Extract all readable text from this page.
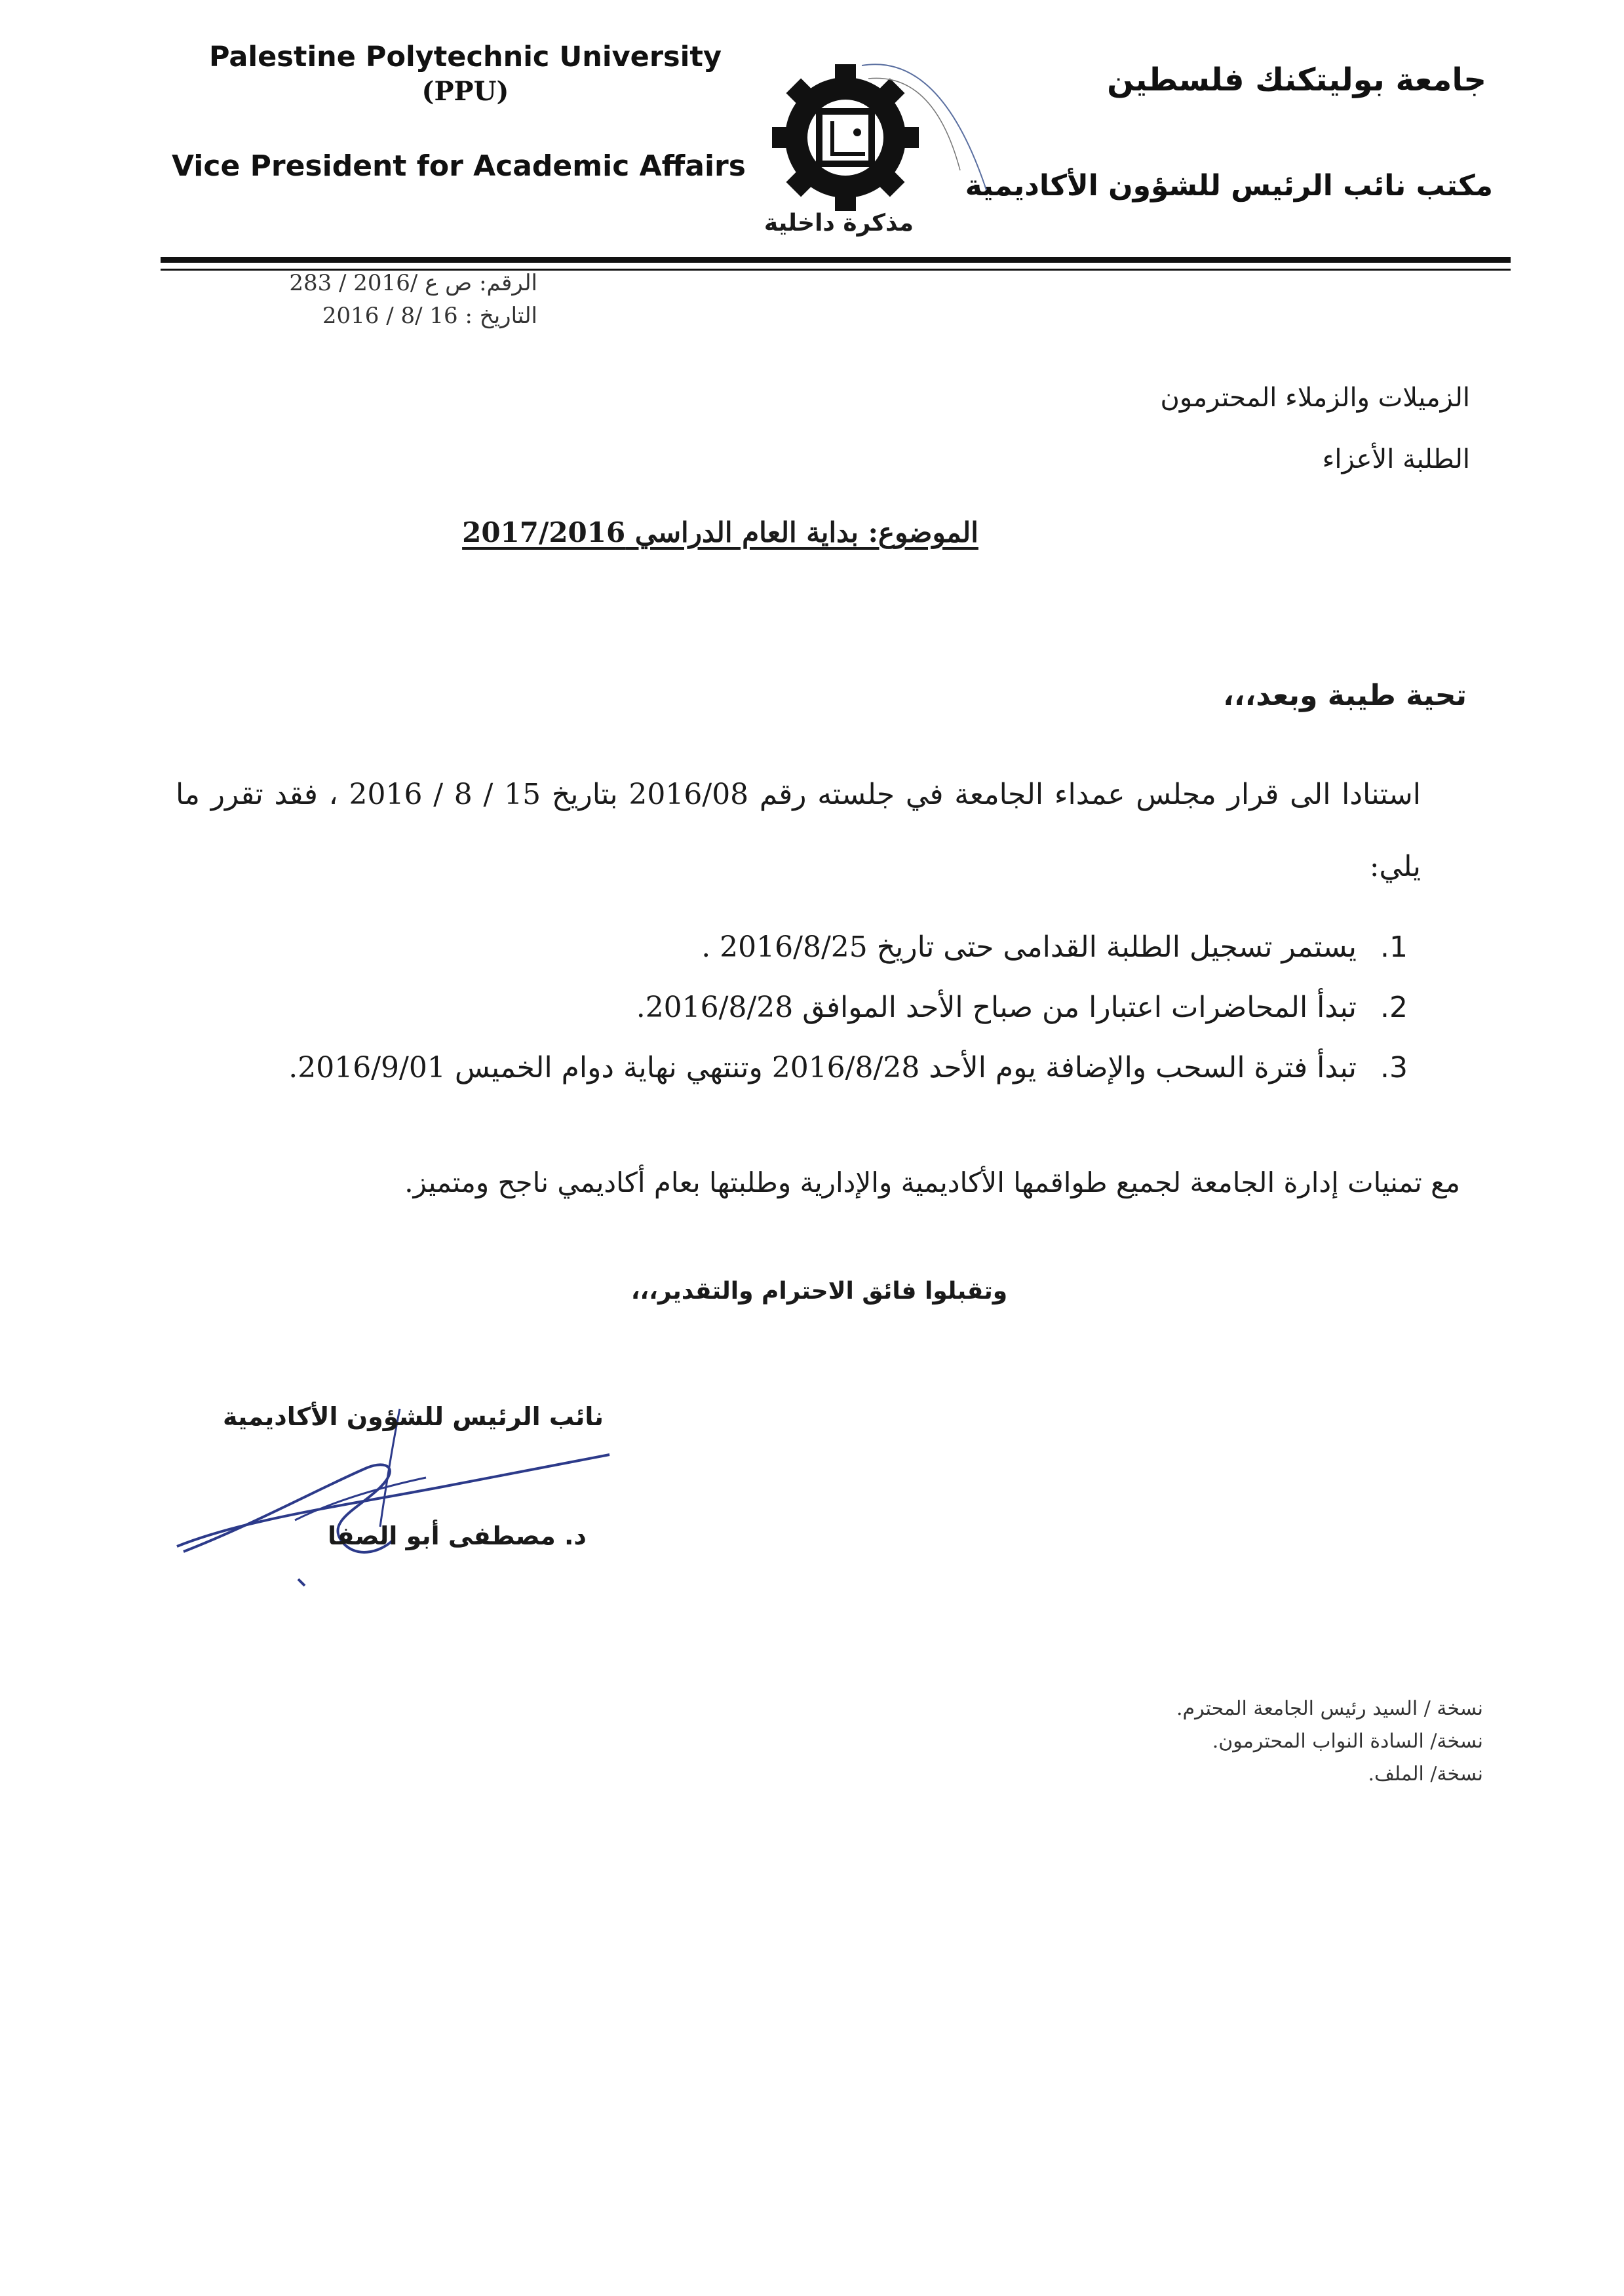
Palestine Polytechnic University
(PPU)
Vice President for Academic Affairs
جامعة بوليتكنك فلسطين
مكتب نائب الرئيس للشؤون الأكاديمية
مذكرة داخلية
الرقم: ص ع /2016 / 283
التاريخ : 16 /8 / 2016
الزميلات والزملاء المحترمون
الطلبة الأعزاء
الموضوع: بداية العام الدراسي 2017/2016
تحية طيبة وبعد،،،
استنادا الى قرار مجلس عمداء الجامعة في جلسته رقم 2016/08 بتاريخ 15 / 8 / 2016 ، فقد تقرر ما يلي:
1.
يستمر تسجيل الطلبة القدامى حتى تاريخ 2016/8/25 .
2.
تبدأ المحاضرات اعتبارا من صباح الأحد الموافق 2016/8/28.
3.
تبدأ فترة السحب والإضافة يوم الأحد 2016/8/28 وتنتهي نهاية دوام الخميس 2016/9/01.
مع تمنيات إدارة الجامعة لجميع طواقمها الأكاديمية والإدارية وطلبتها بعام أكاديمي ناجح ومتميز.
وتقبلوا فائق الاحترام والتقدير،،،
نائب الرئيس للشؤون الأكاديمية
د. مصطفى أبو الصفا
نسخة / السيد رئيس الجامعة المحترم.
نسخة/ السادة النواب المحترمون.
نسخة/ الملف.
